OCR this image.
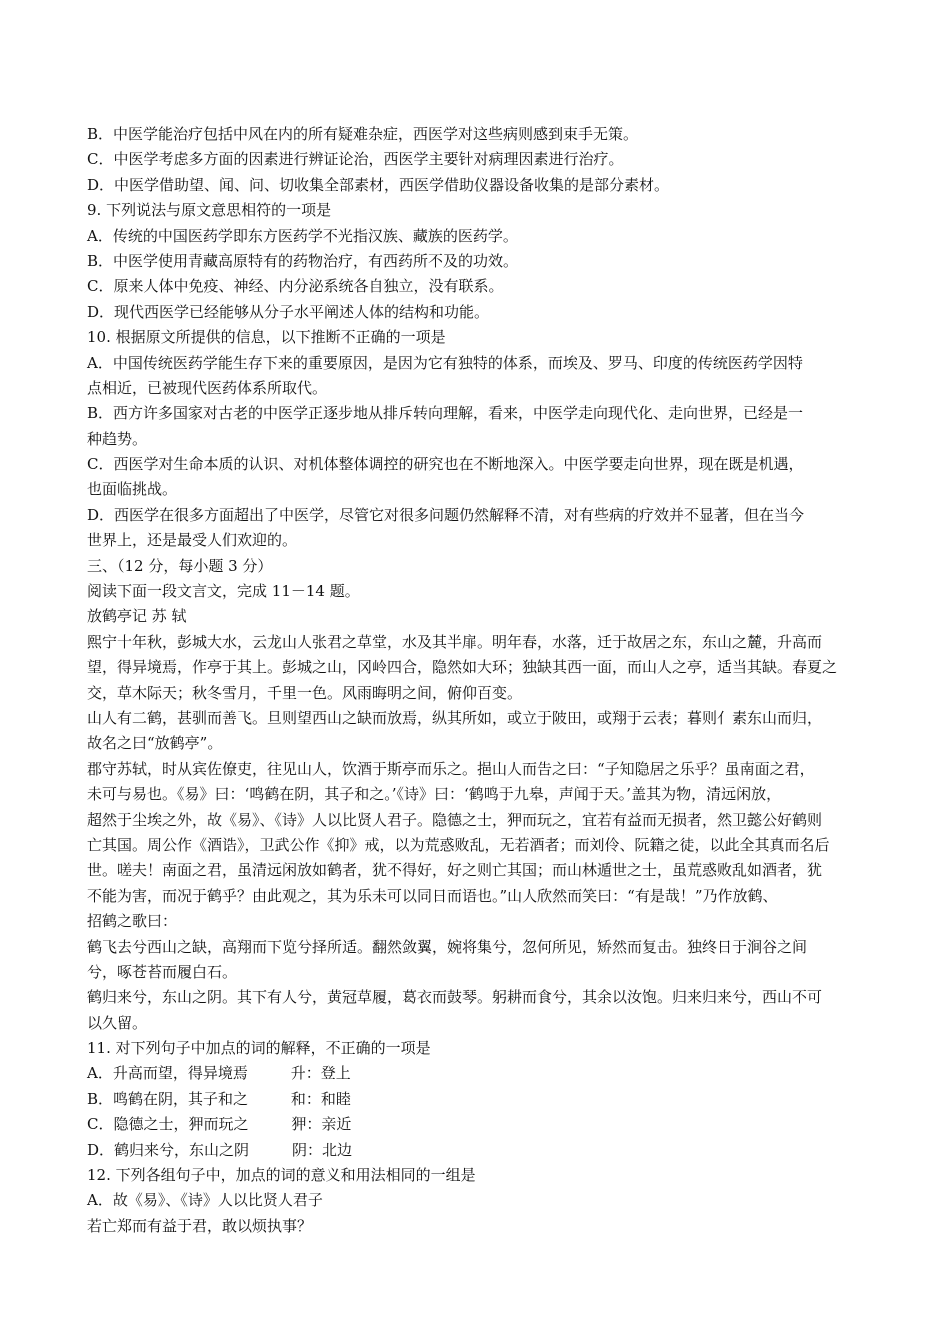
B．中医学能治疗包括中风在内的所有疑难杂症，西医学对这些病则感到束手无策。
C．中医学考虑多方面的因素进行辨证论治，西医学主要针对病理因素进行治疗。
D．中医学借助望、闻、问、切收集全部素材，西医学借助仪器设备收集的是部分素材。
9. 下列说法与原文意思相符的一项是
A．传统的中国医药学即东方医药学不光指汉族、藏族的医药学。
B．中医学使用青藏高原特有的药物治疗，有西药所不及的功效。
C．原来人体中免疫、神经、内分泌系统各自独立，没有联系。
D．现代西医学已经能够从分子水平阐述人体的结构和功能。
10. 根据原文所提供的信息，以下推断不正确的一项是
A．中国传统医药学能生存下来的重要原因，是因为它有独特的体系，而埃及、罗马、印度的传统医药学因特
点相近，已被现代医药体系所取代。
B．西方许多国家对古老的中医学正逐步地从排斥转向理解，看来，中医学走向现代化、走向世界，已经是一
种趋势。
C．西医学对生命本质的认识、对机体整体调控的研究也在不断地深入。中医学要走向世界，现在既是机遇，
也面临挑战。
D．西医学在很多方面超出了中医学，尽管它对很多问题仍然解释不清，对有些病的疗效并不显著，但在当今
世界上，还是最受人们欢迎的。
三、（12 分，每小题 3 分）
阅读下面一段文言文，完成 11－14 题。
放鹤亭记 苏 轼
熙宁十年秋，彭城大水，云龙山人张君之草堂，水及其半扉。明年春，水落，迁于故居之东，东山之麓，升高而
望，得异境焉，作亭于其上。彭城之山，冈岭四合，隐然如大环；独缺其西一面，而山人之亭，适当其缺。春夏之
交，草木际天；秋冬雪月，千里一色。风雨晦明之间，俯仰百变。
山人有二鹤，甚驯而善飞。旦则望西山之缺而放焉，纵其所如，或立于陂田，或翔于云表；暮则亻素东山而归，
故名之曰“放鹤亭”。
郡守苏轼，时从宾佐僚吏，往见山人，饮酒于斯亭而乐之。挹山人而告之曰：“子知隐居之乐乎？虽南面之君，
未可与易也。《易》曰：‘鸣鹤在阴，其子和之。’《诗》曰：‘鹤鸣于九皋，声闻于天。’盖其为物，清远闲放，
超然于尘埃之外，故《易》、《诗》人以比贤人君子。隐德之士，狎而玩之，宜若有益而无损者，然卫懿公好鹤则
亡其国。周公作《酒诰》，卫武公作《抑》戒，以为荒惑败乱，无若酒者；而刘伶、阮籍之徒，以此全其真而名后
世。嗟夫！南面之君，虽清远闲放如鹤者，犹不得好，好之则亡其国；而山林遁世之士，虽荒惑败乱如酒者，犹
不能为害，而况于鹤乎？由此观之，其为乐未可以同日而语也。”山人欣然而笑曰：“有是哉！”乃作放鹤、
招鹤之歌曰：
鹤飞去兮西山之缺，高翔而下览兮择所适。翻然敛翼，婉将集兮，忽何所见，矫然而复击。独终日于涧谷之间
兮，啄苍苔而履白石。
鹤归来兮，东山之阴。其下有人兮，黄冠草履，葛衣而鼓琴。躬耕而食兮，其余以汝饱。归来归来兮，西山不可
以久留。
11. 对下列句子中加点的词的解释，不正确的一项是
A．升高而望，得异境焉         升：登上
B．鸣鹤在阴，其子和之         和：和睦
C．隐德之士，狎而玩之         狎：亲近
D．鹤归来兮，东山之阴         阴：北边
12. 下列各组句子中，加点的词的意义和用法相同的一组是
A．故《易》、《诗》人以比贤人君子
若亡郑而有益于君，敢以烦执事？
